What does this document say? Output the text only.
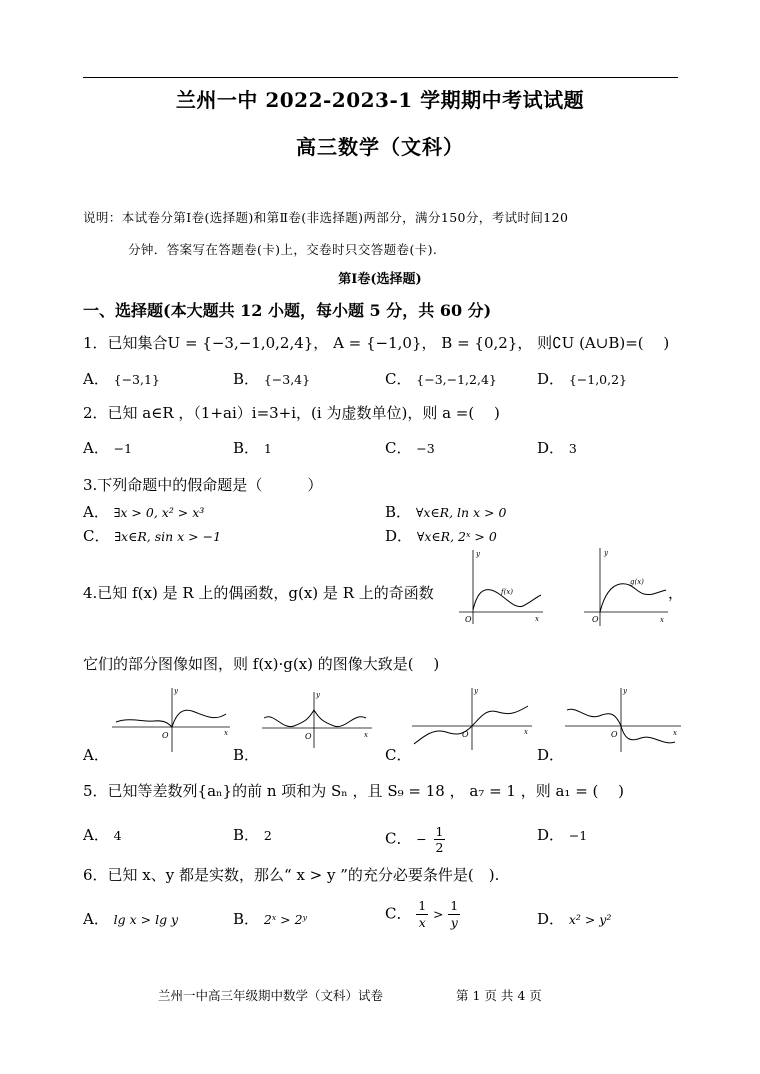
兰州一中 2022-2023-1 学期期中考试试题
高三数学（文科）
说明：本试卷分第Ⅰ卷(选择题)和第Ⅱ卷(非选择题)两部分，满分150分，考试时间120
分钟．答案写在答题卷(卡)上，交卷时只交答题卷(卡).
第Ⅰ卷(选择题)
一、选择题(本大题共 12 小题，每小题 5 分，共 60 分)
1．已知集合U = {−3,−1,0,2,4}， A = {−1,0}， B = {0,2}， 则∁U (A∪B)=(　 )
A． {−3,1}	B． {−3,4}	C． {−3,−1,2,4}	D． {−1,0,2}
2．已知 a∈R ，（1+ai）i=3+i，(i 为虚数单位)，则 a =(　 )
A． −1	B． 1	C． −3	D． 3
3.下列命题中的假命题是（　　　）
A． ∃x > 0, x² > x³	B． ∀x∈R, ln x > 0
C． ∃x∈R, sin x > −1	D． ∀x∈R, 2ˣ > 0
4.已知 f(x) 是 R 上的偶函数，g(x) 是 R 上的奇函数
y
f(x)
O	x
y
g(x)
O	x
，
它们的部分图像如图，则 f(x)·g(x) 的图像大致是(　 )
y
O	x
A．
y
O	x
B．
y
O	x
C．
y
O	x
D．
5．已知等差数列{aₙ}的前 n 项和为 Sₙ ，且 S₉ = 18 ， a₇ = 1 ，则 a₁ = (　 )
A． 4	B． 2	C． − $\frac{1}{2}$	D． −1
6．已知 x、y 都是实数，那么“ x > y ”的充分必要条件是(　).
A． lg x > lg y	B． 2ˣ > 2ʸ	C． $\frac{1}{x} > \frac{1}{y}$	D． x² > y²
兰州一中高三年级期中数学（文科）试卷	第 1 页 共 4 页
